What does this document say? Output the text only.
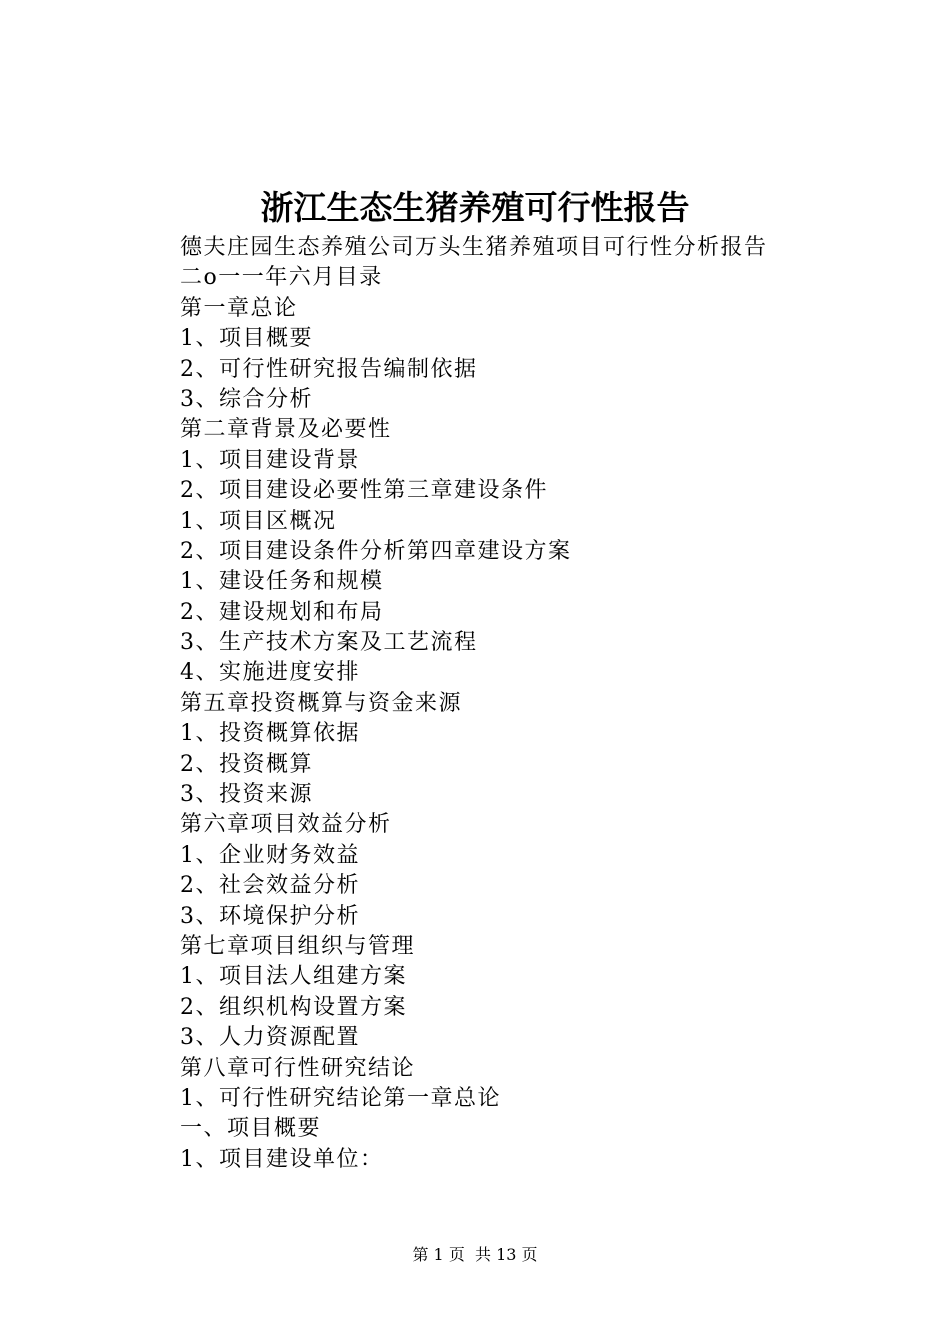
浙江生态生猪养殖可行性报告
德夫庄园生态养殖公司万头生猪养殖项目可行性分析报告
二o一一年六月目录
第一章总论
1、项目概要
2、可行性研究报告编制依据
3、综合分析
第二章背景及必要性
1、项目建设背景
2、项目建设必要性第三章建设条件
1、项目区概况
2、项目建设条件分析第四章建设方案
1、建设任务和规模
2、建设规划和布局
3、生产技术方案及工艺流程
4、实施进度安排
第五章投资概算与资金来源
1、投资概算依据
2、投资概算
3、投资来源
第六章项目效益分析
1、企业财务效益
2、社会效益分析
3、环境保护分析
第七章项目组织与管理
1、项目法人组建方案
2、组织机构设置方案
3、人力资源配置
第八章可行性研究结论
1、可行性研究结论第一章总论
一、项目概要
1、项目建设单位：
第 1 页  共 13 页
